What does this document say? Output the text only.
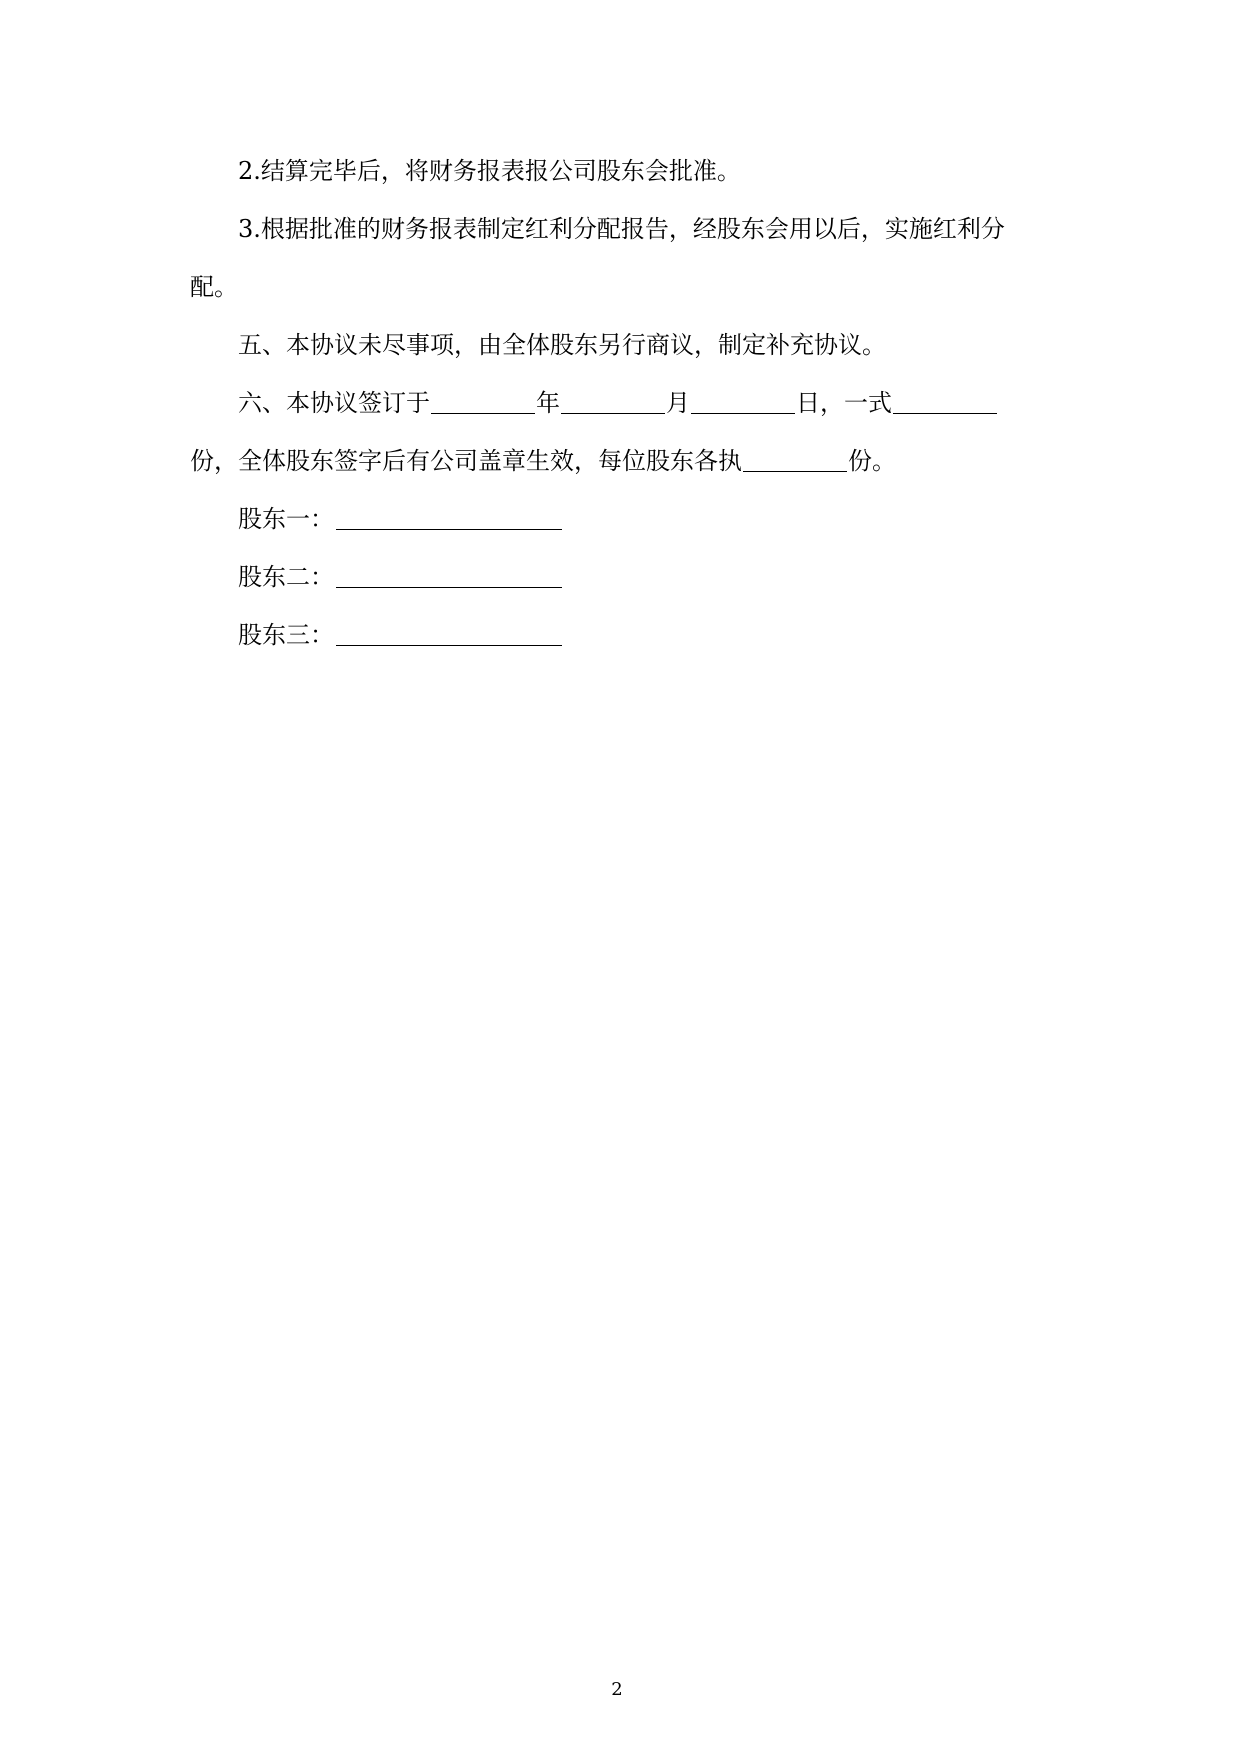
2.结算完毕后，将财务报表报公司股东会批准。

3.根据批准的财务报表制定红利分配报告，经股东会用以后，实施红利分配。

五、本协议未尽事项，由全体股东另行商议，制定补充协议。

六、本协议签订于	年	月	日，一式份，全体股东签字后有公司盖章生效，每位股东各执	份。

股东一：

股东二：

股东三：

2
